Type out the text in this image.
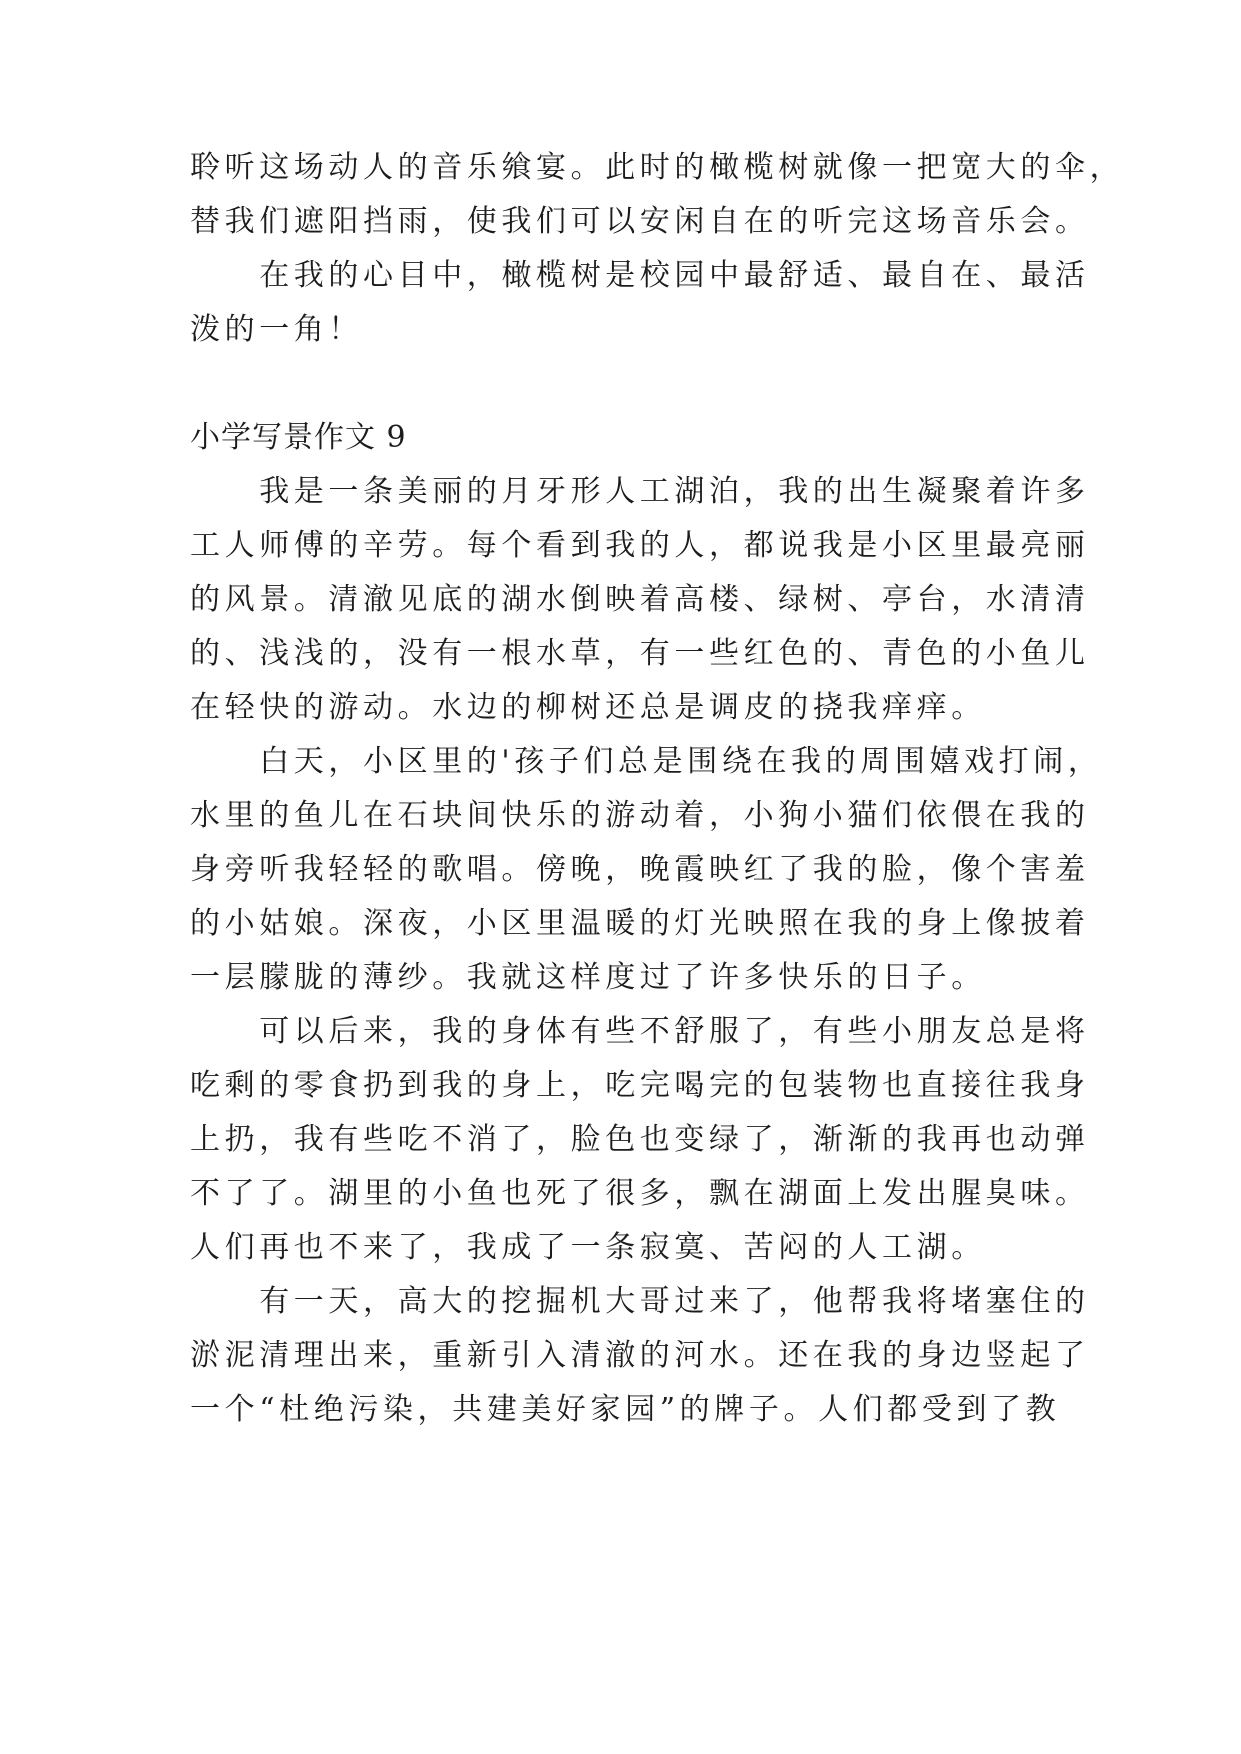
聆听这场动人的音乐飨宴。此时的橄榄树就像一把宽大的伞，
替我们遮阳挡雨，使我们可以安闲自在的听完这场音乐会。
　　在我的心目中，橄榄树是校园中最舒适、最自在、最活
泼的一角！
小学写景作文 9
　　我是一条美丽的月牙形人工湖泊，我的出生凝聚着许多
工人师傅的辛劳。每个看到我的人，都说我是小区里最亮丽
的风景。清澈见底的湖水倒映着高楼、绿树、亭台，水清清
的、浅浅的，没有一根水草，有一些红色的、青色的小鱼儿
在轻快的游动。水边的柳树还总是调皮的挠我痒痒。
　　白天，小区里的'孩子们总是围绕在我的周围嬉戏打闹，
水里的鱼儿在石块间快乐的游动着，小狗小猫们依偎在我的
身旁听我轻轻的歌唱。傍晚，晚霞映红了我的脸，像个害羞
的小姑娘。深夜，小区里温暖的灯光映照在我的身上像披着
一层朦胧的薄纱。我就这样度过了许多快乐的日子。
　　可以后来，我的身体有些不舒服了，有些小朋友总是将
吃剩的零食扔到我的身上，吃完喝完的包装物也直接往我身
上扔，我有些吃不消了，脸色也变绿了，渐渐的我再也动弹
不了了。湖里的小鱼也死了很多，飘在湖面上发出腥臭味。
人们再也不来了，我成了一条寂寞、苦闷的人工湖。
　　有一天，高大的挖掘机大哥过来了，他帮我将堵塞住的
淤泥清理出来，重新引入清澈的河水。还在我的身边竖起了
一个“杜绝污染，共建美好家园”的牌子。人们都受到了教
